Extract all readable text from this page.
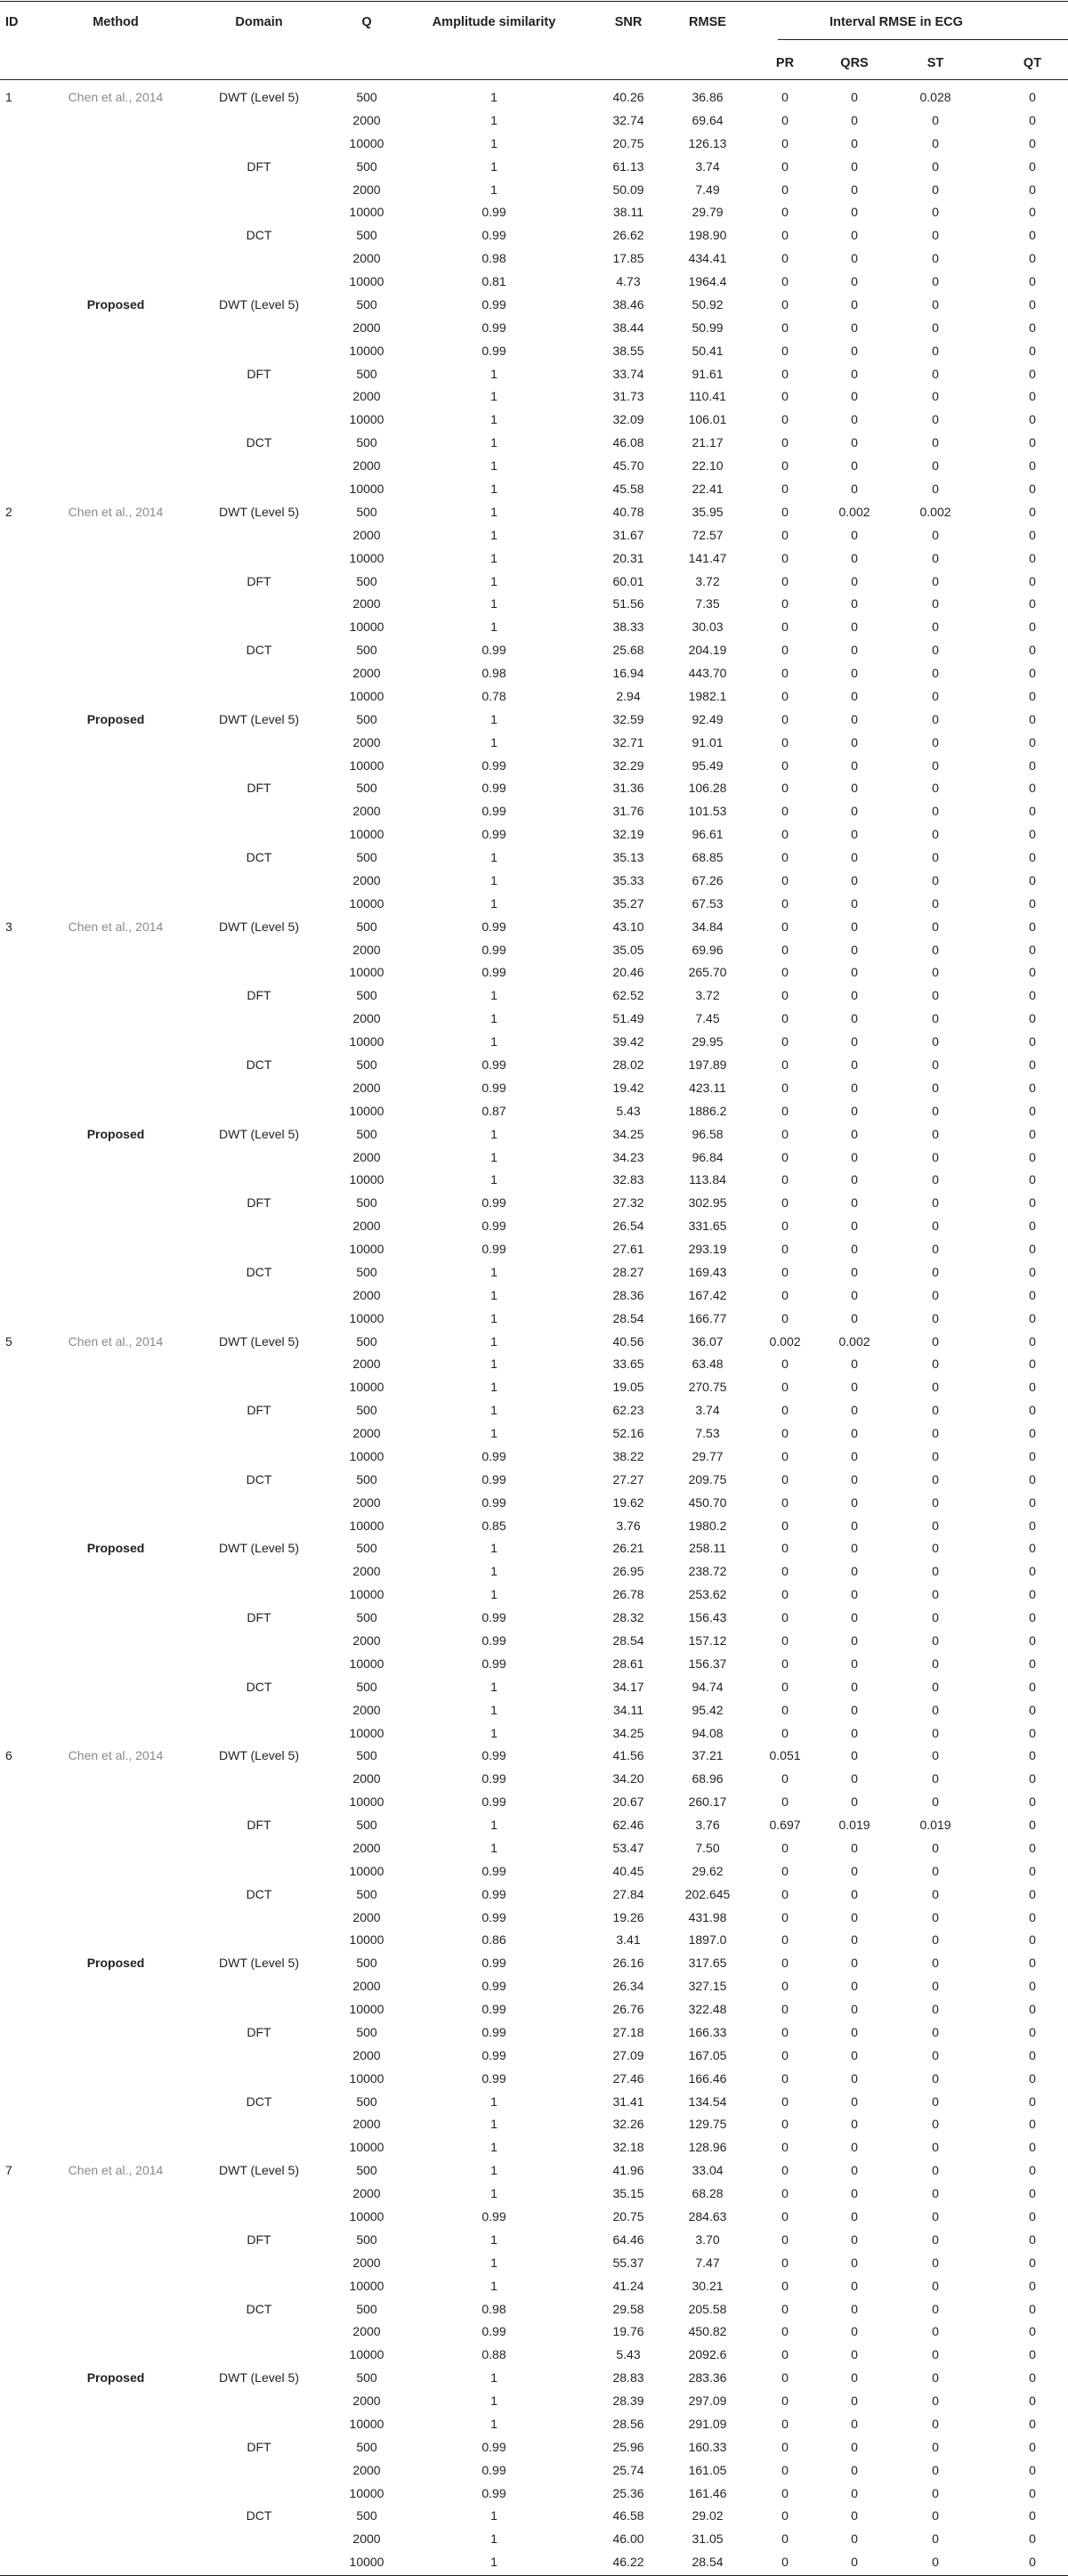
ID	Method	Domain	Q	Amplitude similarity	SNR	RMSE	Interval RMSE in ECG
PR	QRS	ST	QT
1	Chen et al., 2014	DWT (Level 5)	500	1	40.26	36.86	0	0	0.028	0
2000	1	32.74	69.64	0	0	0	0
10000	1	20.75	126.13	0	0	0	0
DFT	500	1	61.13	3.74	0	0	0	0
2000	1	50.09	7.49	0	0	0	0
10000	0.99	38.11	29.79	0	0	0	0
DCT	500	0.99	26.62	198.90	0	0	0	0
2000	0.98	17.85	434.41	0	0	0	0
10000	0.81	4.73	1964.4	0	0	0	0
Proposed	DWT (Level 5)	500	0.99	38.46	50.92	0	0	0	0
2000	0.99	38.44	50.99	0	0	0	0
10000	0.99	38.55	50.41	0	0	0	0
DFT	500	1	33.74	91.61	0	0	0	0
2000	1	31.73	110.41	0	0	0	0
10000	1	32.09	106.01	0	0	0	0
DCT	500	1	46.08	21.17	0	0	0	0
2000	1	45.70	22.10	0	0	0	0
10000	1	45.58	22.41	0	0	0	0
2	Chen et al., 2014	DWT (Level 5)	500	1	40.78	35.95	0	0.002	0.002	0
2000	1	31.67	72.57	0	0	0	0
10000	1	20.31	141.47	0	0	0	0
DFT	500	1	60.01	3.72	0	0	0	0
2000	1	51.56	7.35	0	0	0	0
10000	1	38.33	30.03	0	0	0	0
DCT	500	0.99	25.68	204.19	0	0	0	0
2000	0.98	16.94	443.70	0	0	0	0
10000	0.78	2.94	1982.1	0	0	0	0
Proposed	DWT (Level 5)	500	1	32.59	92.49	0	0	0	0
2000	1	32.71	91.01	0	0	0	0
10000	0.99	32.29	95.49	0	0	0	0
DFT	500	0.99	31.36	106.28	0	0	0	0
2000	0.99	31.76	101.53	0	0	0	0
10000	0.99	32.19	96.61	0	0	0	0
DCT	500	1	35.13	68.85	0	0	0	0
2000	1	35.33	67.26	0	0	0	0
10000	1	35.27	67.53	0	0	0	0
3	Chen et al., 2014	DWT (Level 5)	500	0.99	43.10	34.84	0	0	0	0
2000	0.99	35.05	69.96	0	0	0	0
10000	0.99	20.46	265.70	0	0	0	0
DFT	500	1	62.52	3.72	0	0	0	0
2000	1	51.49	7.45	0	0	0	0
10000	1	39.42	29.95	0	0	0	0
DCT	500	0.99	28.02	197.89	0	0	0	0
2000	0.99	19.42	423.11	0	0	0	0
10000	0.87	5.43	1886.2	0	0	0	0
Proposed	DWT (Level 5)	500	1	34.25	96.58	0	0	0	0
2000	1	34.23	96.84	0	0	0	0
10000	1	32.83	113.84	0	0	0	0
DFT	500	0.99	27.32	302.95	0	0	0	0
2000	0.99	26.54	331.65	0	0	0	0
10000	0.99	27.61	293.19	0	0	0	0
DCT	500	1	28.27	169.43	0	0	0	0
2000	1	28.36	167.42	0	0	0	0
10000	1	28.54	166.77	0	0	0	0
5	Chen et al., 2014	DWT (Level 5)	500	1	40.56	36.07	0.002	0.002	0	0
2000	1	33.65	63.48	0	0	0	0
10000	1	19.05	270.75	0	0	0	0
DFT	500	1	62.23	3.74	0	0	0	0
2000	1	52.16	7.53	0	0	0	0
10000	0.99	38.22	29.77	0	0	0	0
DCT	500	0.99	27.27	209.75	0	0	0	0
2000	0.99	19.62	450.70	0	0	0	0
10000	0.85	3.76	1980.2	0	0	0	0
Proposed	DWT (Level 5)	500	1	26.21	258.11	0	0	0	0
2000	1	26.95	238.72	0	0	0	0
10000	1	26.78	253.62	0	0	0	0
DFT	500	0.99	28.32	156.43	0	0	0	0
2000	0.99	28.54	157.12	0	0	0	0
10000	0.99	28.61	156.37	0	0	0	0
DCT	500	1	34.17	94.74	0	0	0	0
2000	1	34.11	95.42	0	0	0	0
10000	1	34.25	94.08	0	0	0	0
6	Chen et al., 2014	DWT (Level 5)	500	0.99	41.56	37.21	0.051	0	0	0
2000	0.99	34.20	68.96	0	0	0	0
10000	0.99	20.67	260.17	0	0	0	0
DFT	500	1	62.46	3.76	0.697	0.019	0.019	0
2000	1	53.47	7.50	0	0	0	0
10000	0.99	40.45	29.62	0	0	0	0
DCT	500	0.99	27.84	202.645	0	0	0	0
2000	0.99	19.26	431.98	0	0	0	0
10000	0.86	3.41	1897.0	0	0	0	0
Proposed	DWT (Level 5)	500	0.99	26.16	317.65	0	0	0	0
2000	0.99	26.34	327.15	0	0	0	0
10000	0.99	26.76	322.48	0	0	0	0
DFT	500	0.99	27.18	166.33	0	0	0	0
2000	0.99	27.09	167.05	0	0	0	0
10000	0.99	27.46	166.46	0	0	0	0
DCT	500	1	31.41	134.54	0	0	0	0
2000	1	32.26	129.75	0	0	0	0
10000	1	32.18	128.96	0	0	0	0
7	Chen et al., 2014	DWT (Level 5)	500	1	41.96	33.04	0	0	0	0
2000	1	35.15	68.28	0	0	0	0
10000	0.99	20.75	284.63	0	0	0	0
DFT	500	1	64.46	3.70	0	0	0	0
2000	1	55.37	7.47	0	0	0	0
10000	1	41.24	30.21	0	0	0	0
DCT	500	0.98	29.58	205.58	0	0	0	0
2000	0.99	19.76	450.82	0	0	0	0
10000	0.88	5.43	2092.6	0	0	0	0
Proposed	DWT (Level 5)	500	1	28.83	283.36	0	0	0	0
2000	1	28.39	297.09	0	0	0	0
10000	1	28.56	291.09	0	0	0	0
DFT	500	0.99	25.96	160.33	0	0	0	0
2000	0.99	25.74	161.05	0	0	0	0
10000	0.99	25.36	161.46	0	0	0	0
DCT	500	1	46.58	29.02	0	0	0	0
2000	1	46.00	31.05	0	0	0	0
10000	1	46.22	28.54	0	0	0	0
